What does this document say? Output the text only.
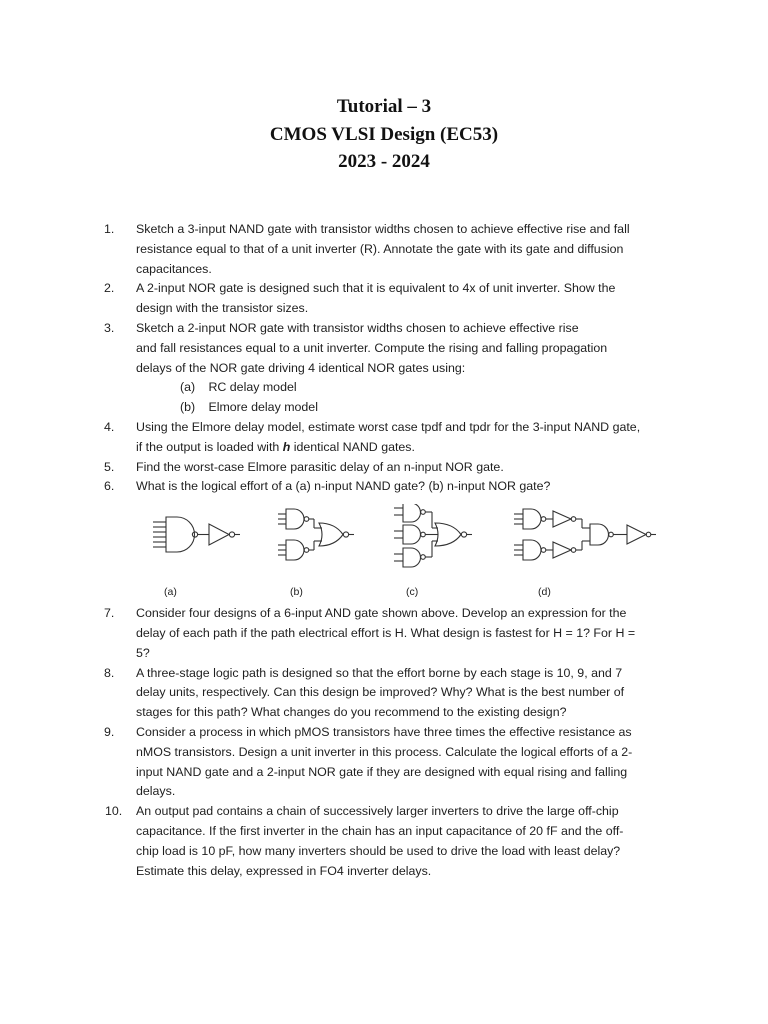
Tutorial – 3
CMOS VLSI Design (EC53)
2023 - 2024
1.	Sketch a 3-input NAND gate with transistor widths chosen to achieve effective rise and fall
resistance equal to that of a unit inverter (R). Annotate the gate with its gate and diffusion
capacitances.
2.	A 2-input NOR gate is designed such that it is equivalent to 4x of unit inverter. Show the
design with the transistor sizes.
3.	Sketch a 2-input NOR gate with transistor widths chosen to achieve effective rise
and fall resistances equal to a unit inverter. Compute the rising and falling propagation
delays of the NOR gate driving 4 identical NOR gates using:
(a) RC delay model
(b) Elmore delay model
4.	Using the Elmore delay model, estimate worst case tpdf and tpdr for the 3-input NAND gate,
if the output is loaded with h identical NAND gates.
5.	Find the worst-case Elmore parasitic delay of an n-input NOR gate.
6.	What is the logical effort of a (a) n-input NAND gate? (b) n-input NOR gate?
(a)	(b)	(c)	(d)
7.	Consider four designs of a 6-input AND gate shown above. Develop an expression for the
delay of each path if the path electrical effort is H. What design is fastest for H = 1? For H =
5?
8.	A three-stage logic path is designed so that the effort borne by each stage is 10, 9, and 7
delay units, respectively. Can this design be improved? Why? What is the best number of
stages for this path? What changes do you recommend to the existing design?
9.	Consider a process in which pMOS transistors have three times the effective resistance as
nMOS transistors. Design a unit inverter in this process. Calculate the logical efforts of a 2-
input NAND gate and a 2-input NOR gate if they are designed with equal rising and falling
delays.
10.	An output pad contains a chain of successively larger inverters to drive the large off-chip
capacitance. If the first inverter in the chain has an input capacitance of 20 fF and the off-
chip load is 10 pF, how many inverters should be used to drive the load with least delay?
Estimate this delay, expressed in FO4 inverter delays.
